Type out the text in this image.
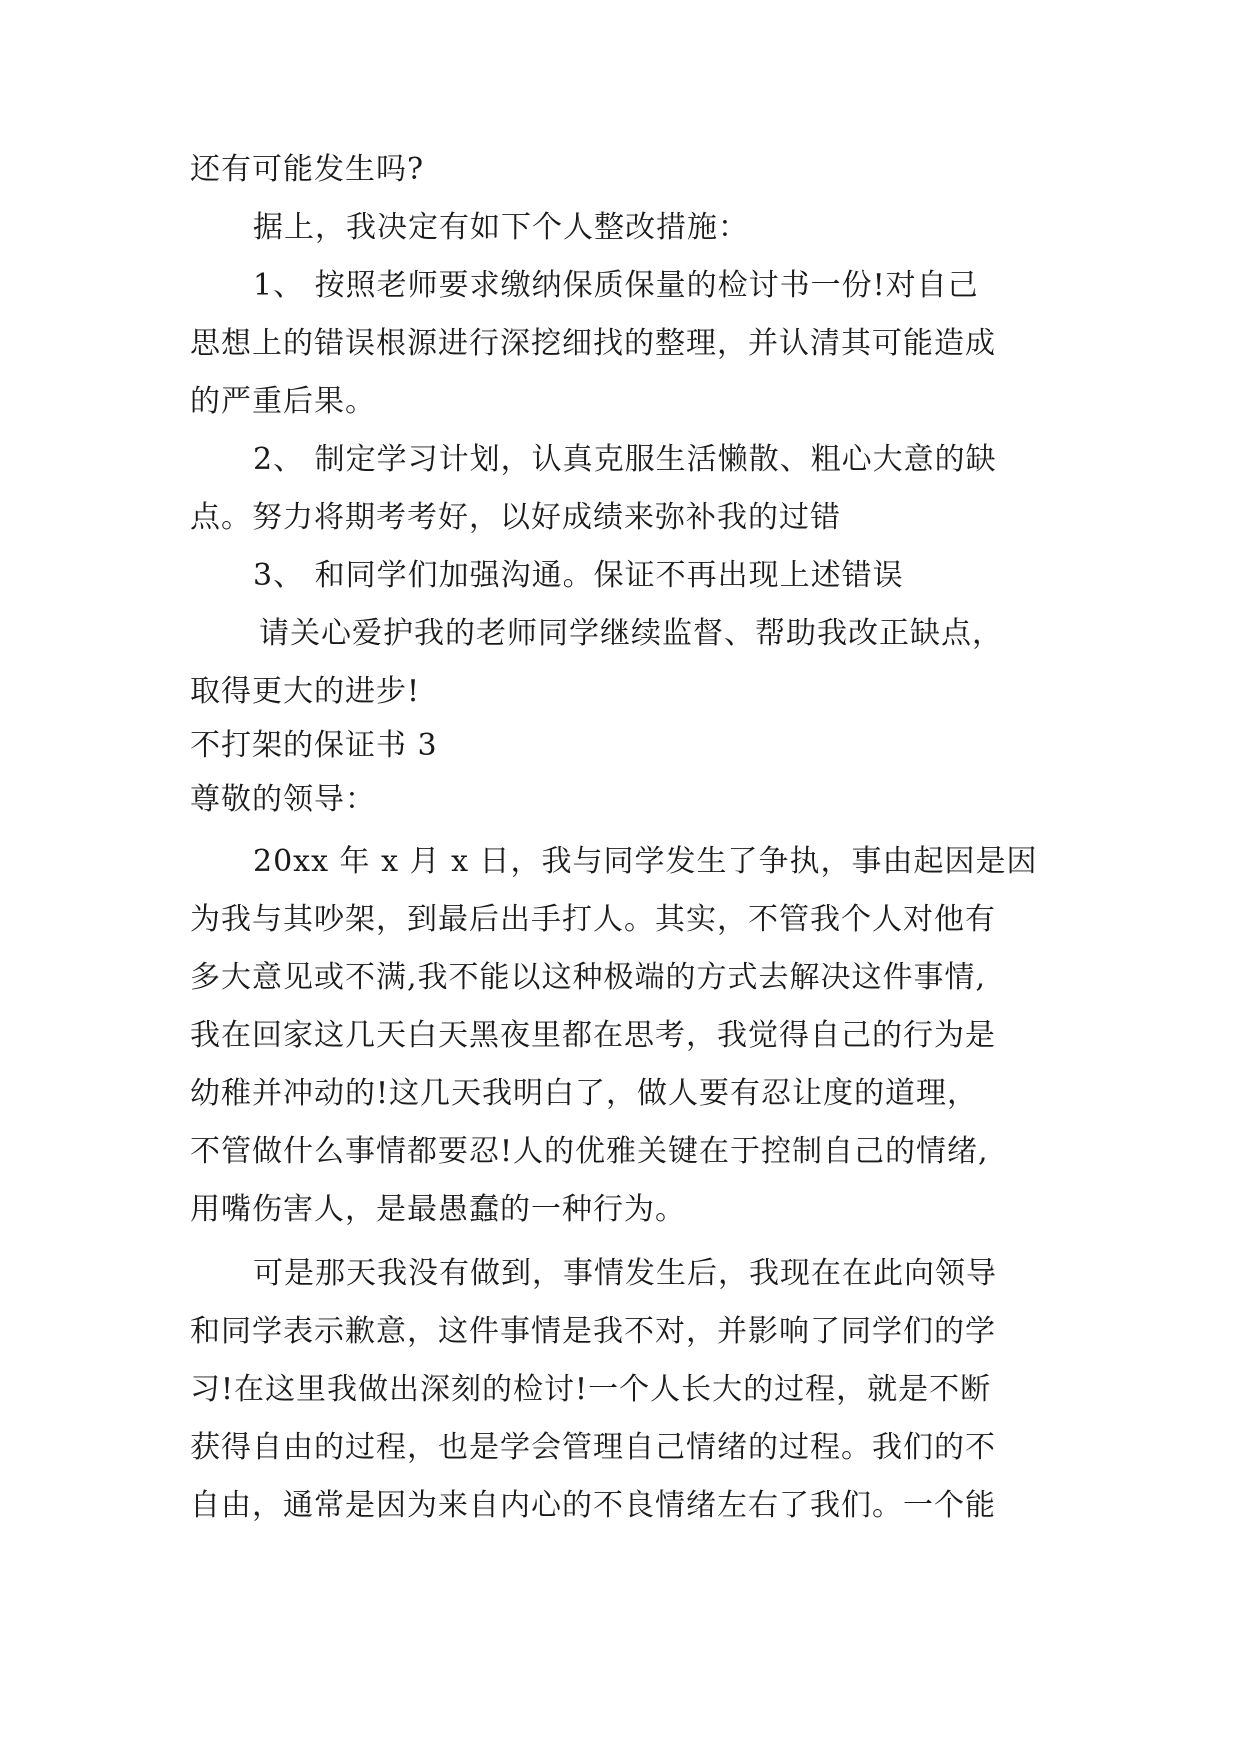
还有可能发生吗?
据上，我决定有如下个人整改措施：
1、 按照老师要求缴纳保质保量的检讨书一份!对自己
思想上的错误根源进行深挖细找的整理，并认清其可能造成
的严重后果。
2、 制定学习计划，认真克服生活懒散、粗心大意的缺
点。努力将期考考好，以好成绩来弥补我的过错
3、 和同学们加强沟通。保证不再出现上述错误
请关心爱护我的老师同学继续监督、帮助我改正缺点，
取得更大的进步!
不打架的保证书 3
尊敬的领导：
20xx 年 x 月 x 日，我与同学发生了争执，事由起因是因
为我与其吵架，到最后出手打人。其实，不管我个人对他有
多大意见或不满,我不能以这种极端的方式去解决这件事情,
我在回家这几天白天黑夜里都在思考，我觉得自己的行为是
幼稚并冲动的!这几天我明白了，做人要有忍让度的道理，
不管做什么事情都要忍!人的优雅关键在于控制自己的情绪,
用嘴伤害人，是最愚蠢的一种行为。
可是那天我没有做到，事情发生后，我现在在此向领导
和同学表示歉意，这件事情是我不对，并影响了同学们的学
习!在这里我做出深刻的检讨!一个人长大的过程，就是不断
获得自由的过程，也是学会管理自己情绪的过程。我们的不
自由，通常是因为来自内心的不良情绪左右了我们。一个能
